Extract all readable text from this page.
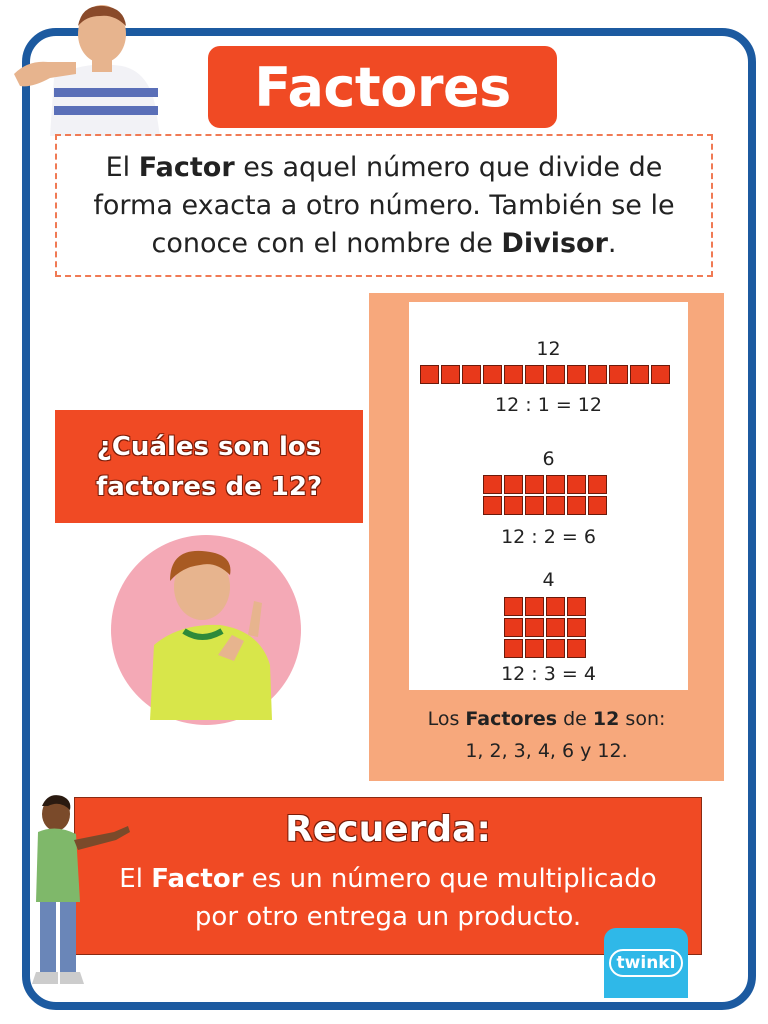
Factores

El Factor es aquel número que divide de forma exacta a otro número. También se le conoce con el nombre de Divisor.

¿Cuáles son los
factores de 12?
12
12 : 1 = 12
6
12 : 2 = 6
4
12 : 3 = 4
Los Factores de 12 son:
1, 2, 3, 4, 6 y 12.
Recuerda:
El Factor es un número que multiplicado
por otro entrega un producto.
twinkl
